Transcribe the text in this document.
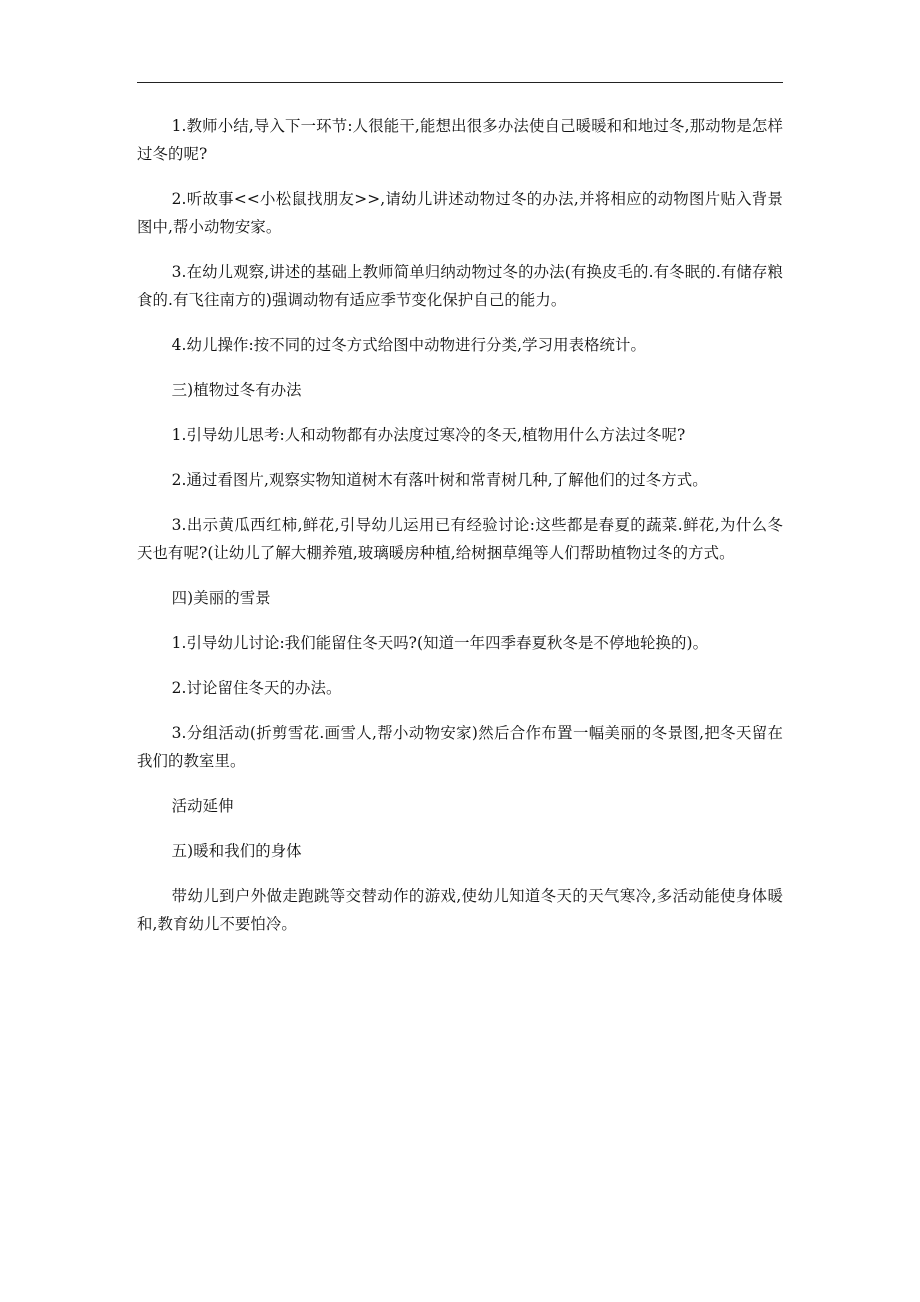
1.教师小结,导入下一环节:人很能干,能想出很多办法使自己暖暖和和地过冬,那动物是怎样过冬的呢?

2.听故事<<小松鼠找朋友>>,请幼儿讲述动物过冬的办法,并将相应的动物图片贴入背景图中,帮小动物安家。

3.在幼儿观察,讲述的基础上教师简单归纳动物过冬的办法(有换皮毛的.有冬眠的.有储存粮食的.有飞往南方的)强调动物有适应季节变化保护自己的能力。

4.幼儿操作:按不同的过冬方式给图中动物进行分类,学习用表格统计。

三)植物过冬有办法

1.引导幼儿思考:人和动物都有办法度过寒冷的冬天,植物用什么方法过冬呢?

2.通过看图片,观察实物知道树木有落叶树和常青树几种,了解他们的过冬方式。

3.出示黄瓜西红柿,鲜花,引导幼儿运用已有经验讨论:这些都是春夏的蔬菜.鲜花,为什么冬天也有呢?(让幼儿了解大棚养殖,玻璃暖房种植,给树捆草绳等人们帮助植物过冬的方式。

四)美丽的雪景

1.引导幼儿讨论:我们能留住冬天吗?(知道一年四季春夏秋冬是不停地轮换的)。

2.讨论留住冬天的办法。

3.分组活动(折剪雪花.画雪人,帮小动物安家)然后合作布置一幅美丽的冬景图,把冬天留在我们的教室里。

活动延伸

五)暖和我们的身体

带幼儿到户外做走跑跳等交替动作的游戏,使幼儿知道冬天的天气寒冷,多活动能使身体暖和,教育幼儿不要怕冷。
